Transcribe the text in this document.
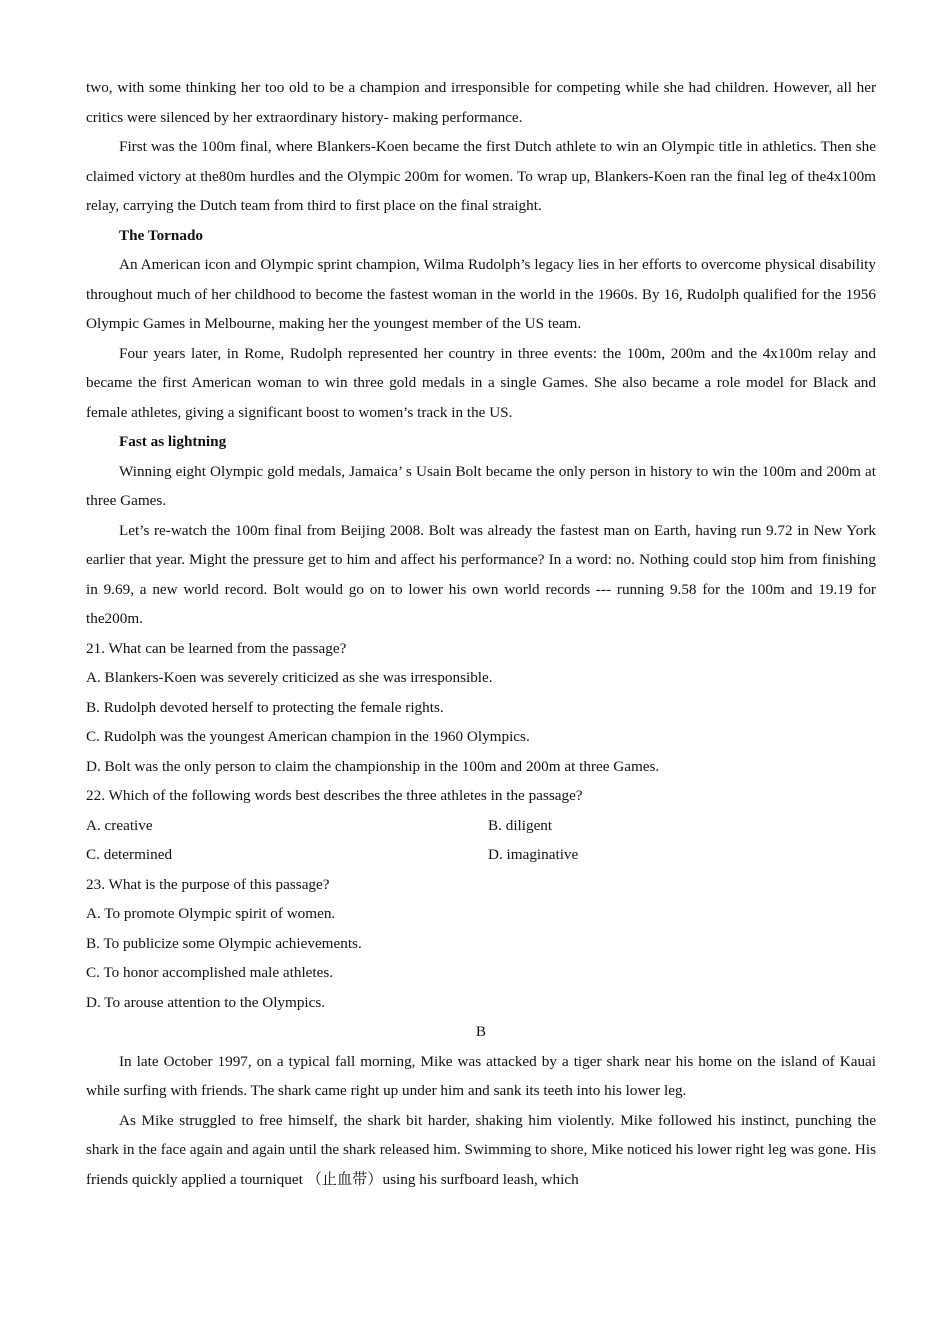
two, with some thinking her too old to be a champion and irresponsible for competing while she had children. However, all her critics were silenced by her extraordinary history- making performance.

First was the 100m final, where Blankers-Koen became the first Dutch athlete to win an Olympic title in athletics. Then she claimed victory at the80m hurdles and the Olympic 200m for women. To wrap up, Blankers-Koen ran the final leg of the4x100m relay, carrying the Dutch team from third to first place on the final straight.

The Tornado

An American icon and Olympic sprint champion, Wilma Rudolph’s legacy lies in her efforts to overcome physical disability throughout much of her childhood to become the fastest woman in the world in the 1960s. By 16, Rudolph qualified for the 1956 Olympic Games in Melbourne, making her the youngest member of the US team.

Four years later, in Rome, Rudolph represented her country in three events: the 100m, 200m and the 4x100m relay and became the first American woman to win three gold medals in a single Games. She also became a role model for Black and female athletes, giving a significant boost to women’s track in the US.

Fast as lightning

Winning eight Olympic gold medals, Jamaica’ s Usain Bolt became the only person in history to win the 100m and 200m at three Games.

Let’s re-watch the 100m final from Beijing 2008. Bolt was already the fastest man on Earth, having run 9.72 in New York earlier that year. Might the pressure get to him and affect his performance? In a word: no. Nothing could stop him from finishing in 9.69, a new world record. Bolt would go on to lower his own world records --- running 9.58 for the 100m and 19.19 for the200m.

21. What can be learned from the passage?

A. Blankers-Koen was severely criticized as she was irresponsible.

B. Rudolph devoted herself to protecting the female rights.

C. Rudolph was the youngest American champion in the 1960 Olympics.

D. Bolt was the only person to claim the championship in the 100m and 200m at three Games.

22. Which of the following words best describes the three athletes in the passage?

A. creative	B. diligent
C. determined	D. imaginative

23. What is the purpose of this passage?

A. To promote Olympic spirit of women.

B. To publicize some Olympic achievements.

C. To honor accomplished male athletes.

D. To arouse attention to the Olympics.

B

In late October 1997, on a typical fall morning, Mike was attacked by a tiger shark near his home on the island of Kauai while surfing with friends. The shark came right up under him and sank its teeth into his lower leg.

As Mike struggled to free himself, the shark bit harder, shaking him violently. Mike followed his instinct, punching the shark in the face again and again until the shark released him. Swimming to shore, Mike noticed his lower right leg was gone. His friends quickly applied a tourniquet （止血带）using his surfboard leash, which
